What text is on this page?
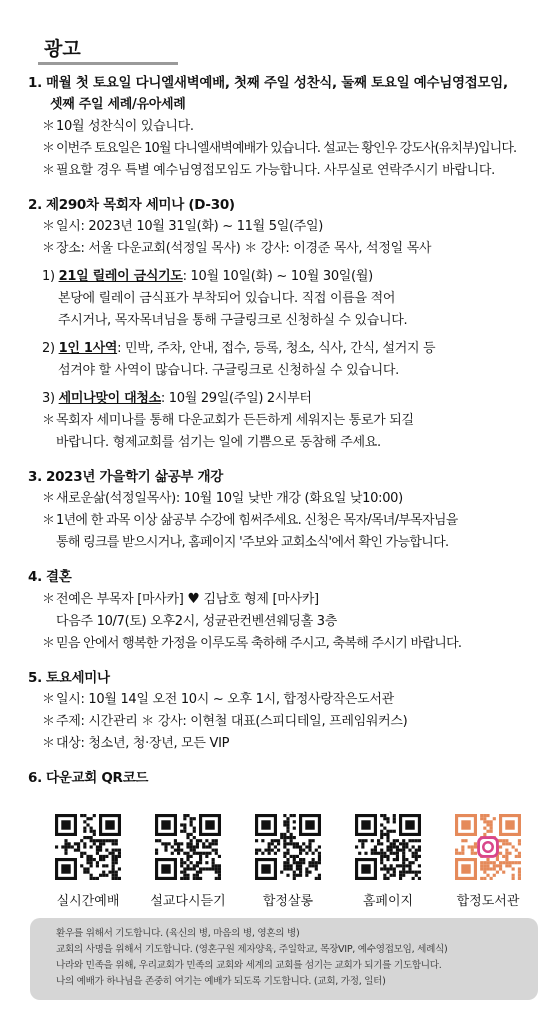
광고
1. 매월 첫 토요일 다니엘새벽예배, 첫째 주일 성찬식, 둘째 토요일 예수님영접모임,
셋째 주일 세례/유아세례
＊10월 성찬식이 있습니다.
＊ 이번주 토요일은 10월 다니엘새벽예배가 있습니다. 설교는 황인우 강도사(유치부)입니다.
＊필요할 경우 특별 예수님영접모임도 가능합니다. 사무실로 연락주시기 바랍니다.
2. 제290차 목회자 세미나 (D-30)
＊일시: 2023년 10월 31일(화) ~ 11월 5일(주일)
＊장소: 서울 다운교회(석정일 목사) ＊ 강사: 이경준 목사, 석정일 목사
1) 21일 릴레이 금식기도: 10월 10일(화) ~ 10월 30일(월)
본당에 릴레이 금식표가 부착되어 있습니다. 직접 이름을 적어
주시거나, 목자목녀님을 통해 구글링크로 신청하실 수 있습니다.
2) 1인 1사역: 민박, 주차, 안내, 접수, 등록, 청소, 식사, 간식, 설거지 등
섬겨야 할 사역이 많습니다. 구글링크로 신청하실 수 있습니다.
3) 세미나맞이 대청소: 10월 29일(주일) 2시부터
＊목회자 세미나를 통해 다운교회가 든든하게 세워지는 통로가 되길
바랍니다. 형제교회를 섬기는 일에 기쁨으로 동참해 주세요.
3. 2023년 가을학기 삶공부 개강
＊새로운삶(석정일목사): 10월 10일 낮반 개강 (화요일 낮10:00)
＊ 1년에 한 과목 이상 삶공부 수강에 힘써주세요. 신청은 목자/목녀/부목자님을
통해 링크를 받으시거나, 홈페이지 '주보와 교회소식'에서 확인 가능합니다.
4. 결혼
＊전예은 부목자 [마사카] ♥ 김남호 형제 [마사카]
다음주 10/7(토) 오후2시, 성균관컨벤션웨딩홀 3층
＊ 믿음 안에서 행복한 가정을 이루도록 축하해 주시고, 축복해 주시기 바랍니다.
5. 토요세미나
＊일시: 10월 14일 오전 10시 ~ 오후 1시, 합정사랑작은도서관
＊주제: 시간관리 ＊ 강사: 이현철 대표(스피디테일, 프레임워커스)
＊대상: 청소년, 청·장년, 모든 VIP
6. 다운교회 QR코드
실시간예배 설교다시듣기	합정살롱	홈페이지	합정도서관
환우를 위해서 기도합니다. (육신의 병, 마음의 병, 영혼의 병)
교회의 사명을 위해서 기도합니다. (영혼구원 제자양육, 주일학교, 목장VIP, 예수영접모임, 세례식)
나라와 민족을 위해, 우리교회가 민족의 교회와 세계의 교회를 섬기는 교회가 되기를 기도합니다.
나의 예배가 하나님을 존중히 여기는 예배가 되도록 기도합니다. (교회, 가정, 일터)
